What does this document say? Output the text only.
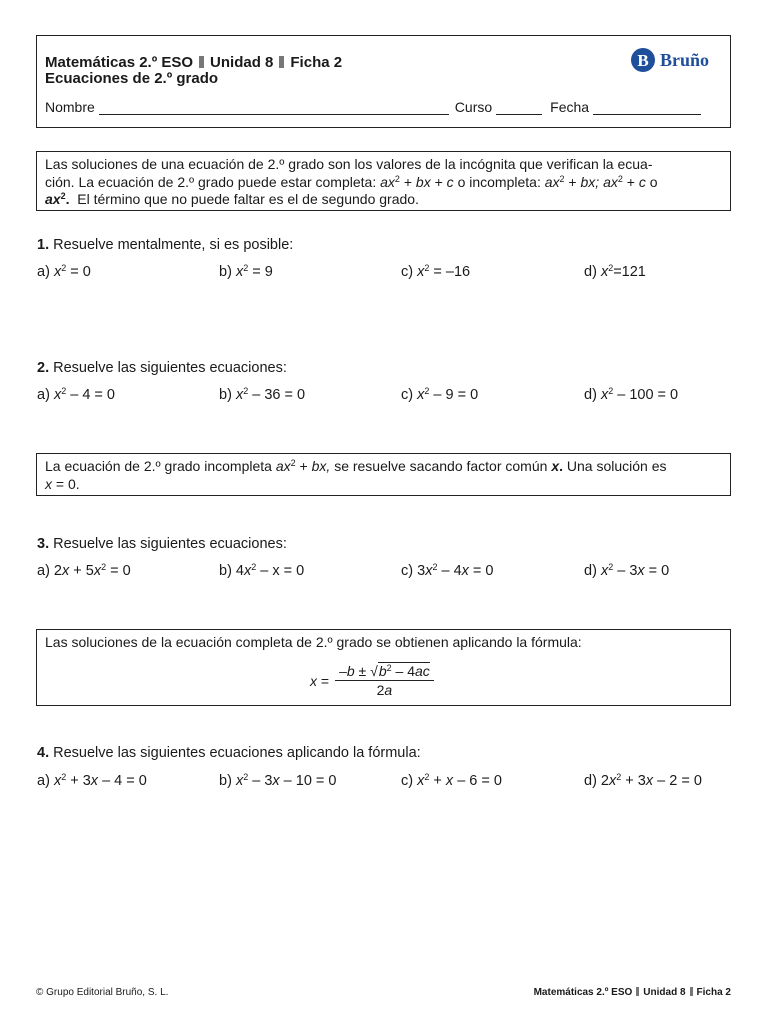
Matemáticas 2.º ESO Unidad 8 Ficha 2
Ecuaciones de 2.º grado
B Bruño
Nombre	Curso	Fecha
Las soluciones de una ecuación de 2.º grado son los valores de la incógnita que verifican la ecua-
ción. La ecuación de 2.º grado puede estar completa: $ax^2$ + bx + c o incompleta: $ax^2$ + bx; $ax^2 + c$ o
$ax^2$. El término que no puede faltar es el de segundo grado.
1. Resuelve mentalmente, si es posible:
a) $x^2 = 0$	b) $x^2 = 9$	c) $x^2 = -16$	d) $x^2=121$
2. Resuelve las siguientes ecuaciones:
a) $x^2 - 4 = 0$	b) $x^2 - 36 = 0$	c) $x^2 - 9 = 0$	d) $x^2 - 100 = 0$
La ecuación de 2.º grado incompleta $ax^2$ + bx, se resuelve sacando factor común x. Una solución es
x = 0.
3. Resuelve las siguientes ecuaciones:
a) $2x + 5x^2 = 0$	b) $4x^2 - x = 0$	c) $3x^2 - 4x = 0$	d) $x^2 - 3x = 0$
Las soluciones de la ecuación completa de 2.º grado se obtienen aplicando la fórmula:
$x = \frac{-b \pm √b^2 - 4ac}{2a}$
4. Resuelve las siguientes ecuaciones aplicando la fórmula:
a) $x^2 + 3x - 4 = 0$	b) $x^2 - 3x - 10 = 0$	c) $x^2 + x - 6 = 0$	d) $2x^2 + 3x - 2 = 0$
© Grupo Editorial Bruño, S. L.	Matemáticas 2.º ESO Unidad 8 Ficha 2
